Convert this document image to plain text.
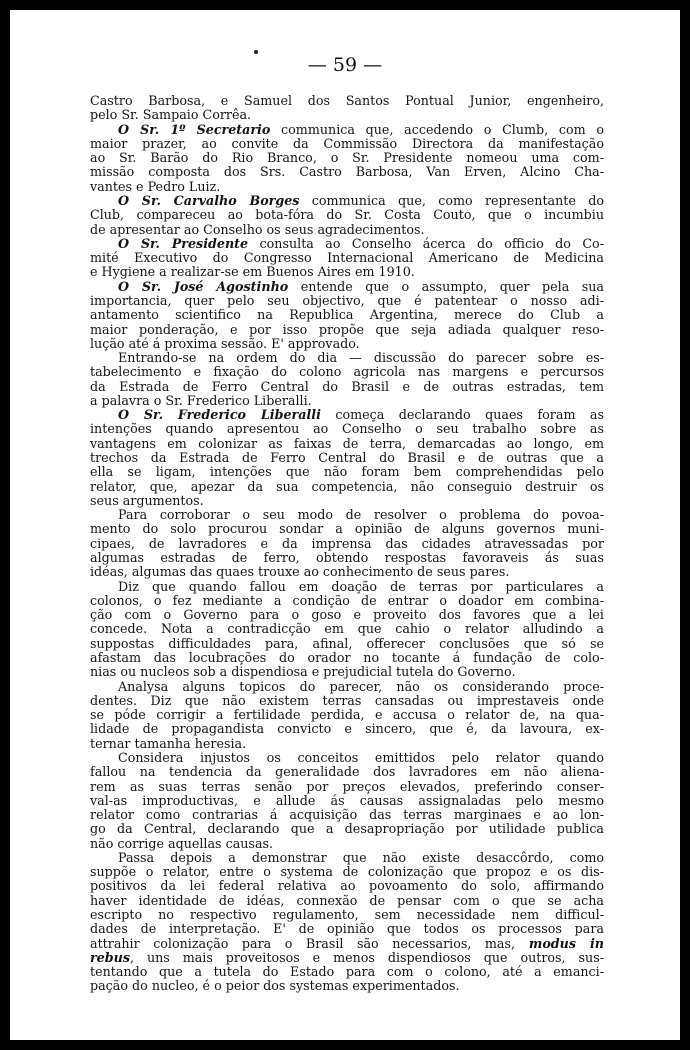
— 59 —
Castro Barbosa, e Samuel dos Santos Pontual Junior, engenheiro,
pelo Sr. Sampaio Corrêa.
O Sr. 1º Secretario communica que, accedendo o Clumb, com o
maior prazer, ao convite da Commissão Directora da manifestação
ao Sr. Barão do Rio Branco, o Sr. Presidente nomeou uma com-
missão composta dos Srs. Castro Barbosa, Van Erven, Alcino Cha-
vantes e Pedro Luiz.
O Sr. Carvalho Borges communica que, como representante do
Club, compareceu ao bota-fóra do Sr. Costa Couto, que o incumbiu
de apresentar ao Conselho os seus agradecimentos.
O Sr. Presidente consulta ao Conselho ácerca do officio do Co-
mité Executivo do Congresso Internacional Americano de Medicina
e Hygiene a realizar-se em Buenos Aires em 1910.
O Sr. José Agostinho entende que o assumpto, quer pela sua
importancia, quer pelo seu objectivo, que é patentear o nosso adi-
antamento scientifico na Republica Argentina, merece do Club a
maior ponderação, e por isso propõe que seja adiada qualquer reso-
lução até á proxima sessão. E' approvado.
Entrando-se na ordem do dia — discussão do parecer sobre es-
tabelecimento e fixação do colono agricola nas margens e percursos
da Estrada de Ferro Central do Brasil e de outras estradas, tem
a palavra o Sr. Frederico Liberalli.
O Sr. Frederico Liberalli começa declarando quaes foram as
intenções quando apresentou ao Conselho o seu trabalho sobre as
vantagens em colonizar as faixas de terra, demarcadas ao longo, em
trechos da Estrada de Ferro Central do Brasil e de outras que a
ella se ligam, intenções que não foram bem comprehendidas pelo
relator, que, apezar da sua competencia, não conseguio destruir os
seus argumentos.
Para corroborar o seu modo de resolver o problema do povoa-
mento do solo procurou sondar a opinião de alguns governos muni-
cipaes, de lavradores e da imprensa das cidades atravessadas por
algumas estradas de ferro, obtendo respostas favoraveis ás suas
idéas, algumas das quaes trouxe ao conhecimento de seus pares.
Diz que quando fallou em doação de terras por particulares a
colonos, o fez mediante a condição de entrar o doador em combina-
ção com o Governo para o goso e proveito dos favores que a lei
concede. Nota a contradicção em que cahio o relator alludindo a
suppostas difficuldades para, afinal, offerecer conclusões que só se
afastam das locubrações do orador no tocante á fundação de colo-
nias ou nucleos sob a dispendiosa e prejudicial tutela do Governo.
Analysa alguns topicos do parecer, não os considerando proce-
dentes. Diz que não existem terras cansadas ou imprestaveis onde
se póde corrigir a fertilidade perdida, e accusa o relator de, na qua-
lidade de propagandista convicto e sincero, que é, da lavoura, ex-
ternar tamanha heresia.
Considera injustos os conceitos emittidos pelo relator quando
fallou na tendencia da generalidade dos lavradores em não aliena-
rem as suas terras senão por preços elevados, preferindo conser-
val-as improductivas, e allude ás causas assignaladas pelo mesmo
relator como contrarias á acquisição das terras marginaes e ao lon-
go da Central, declarando que a desapropriação por utilidade publica
não corrige aquellas causas.
Passa depois a demonstrar que não existe desaccôrdo, como
suppõe o relator, entre o systema de colonização que propoz e os dis-
positivos da lei federal relativa ao povoamento do solo, affirmando
haver identidade de idéas, connexão de pensar com o que se acha
escripto no respectivo regulamento, sem necessidade nem difficul-
dades de interpretação. E' de opinião que todos os processos para
attrahir colonização para o Brasil são necessarios, mas, modus in
rebus, uns mais proveitosos e menos dispendiosos que outros, sus-
tentando que a tutela do Estado para com o colono, até a emanci-
pação do nucleo, é o peior dos systemas experimentados.
